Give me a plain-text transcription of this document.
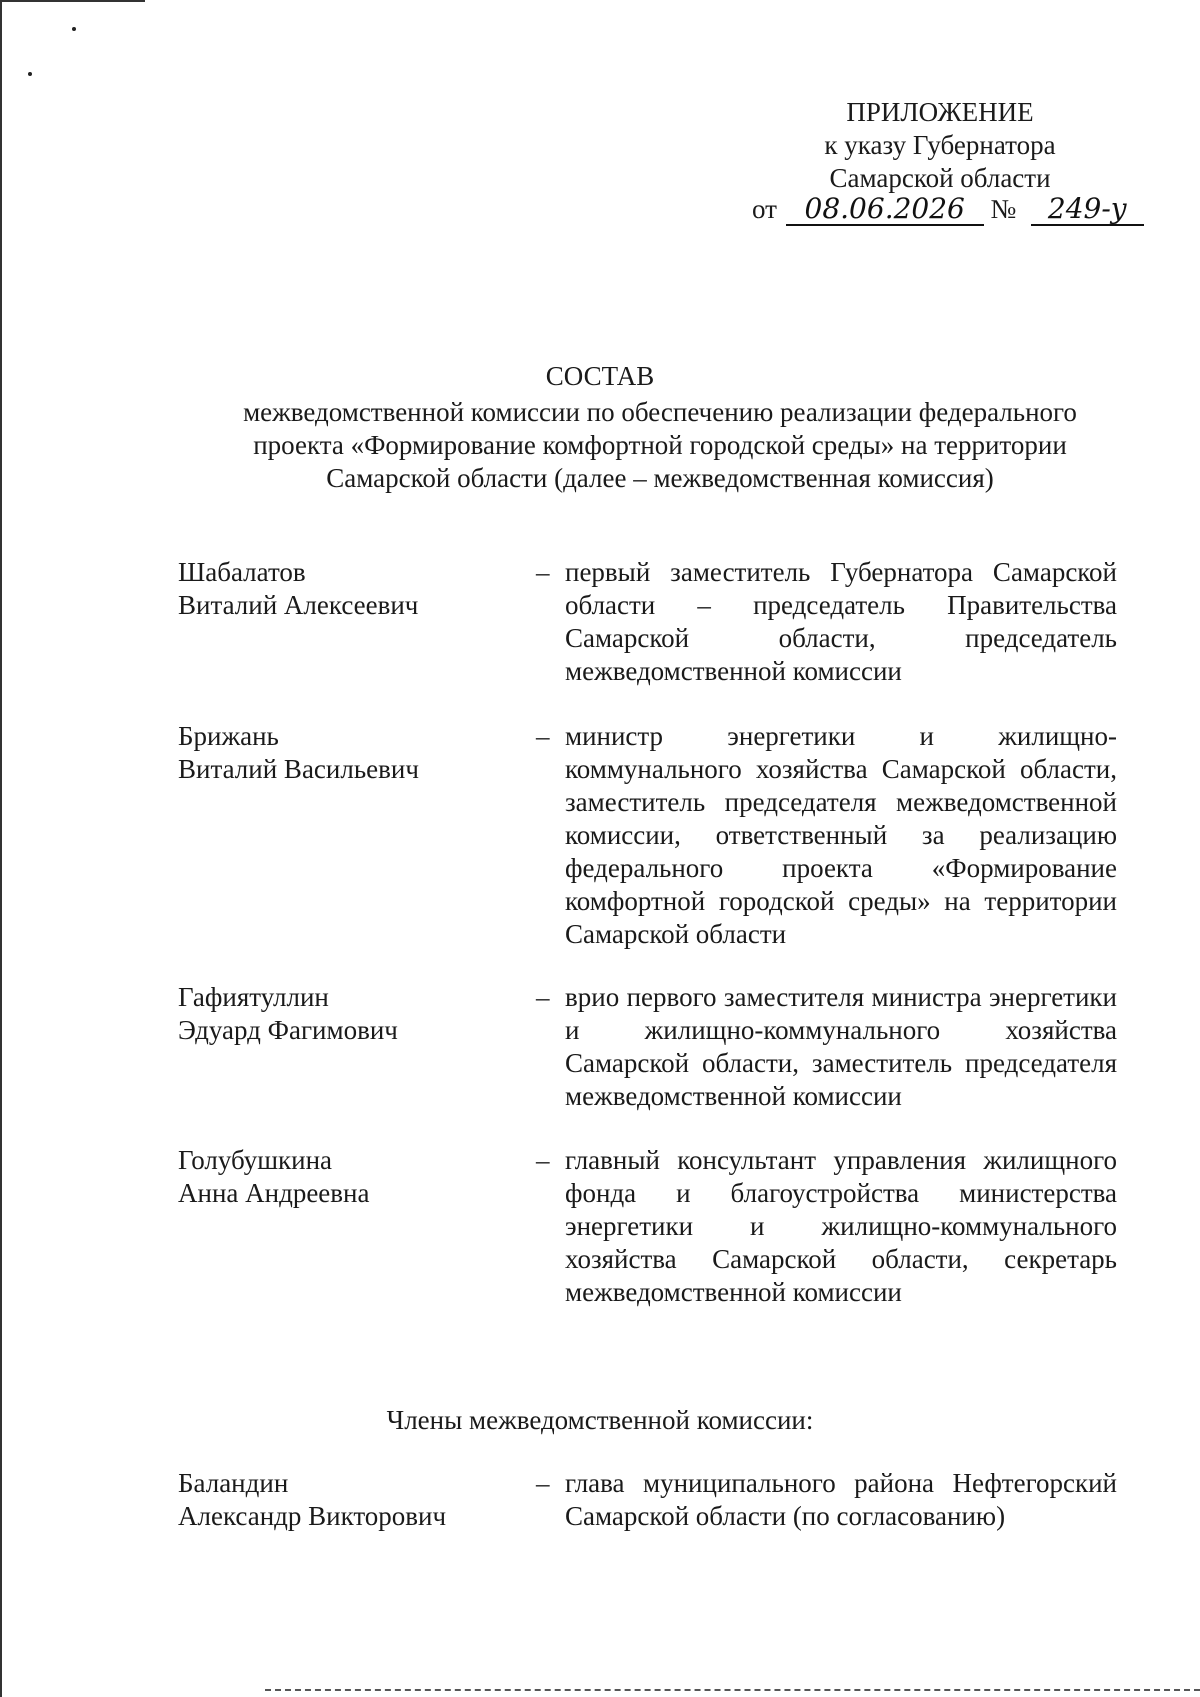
ПРИЛОЖЕНИЕ
к указу Губернатора
Самарской области
от 08.06.2026 № 249-у
СОСТАВ
межведомственной комиссии по обеспечению реализации федерального проекта «Формирование комфортной городской среды» на территории Самарской области (далее – межведомственная комиссия)
Шабалатов
Виталий Алексеевич
– первый заместитель Губернатора Самарской области – председатель Правительства Самарской области, председатель межведомственной комиссии
Брижань
Виталий Васильевич
– министр энергетики и жилищно-коммунального хозяйства Самарской области, заместитель председателя межведомственной комиссии, ответственный за реализацию федерального проекта «Формирование комфортной городской среды» на территории Самарской области
Гафиятуллин
Эдуард Фагимович
– врио первого заместителя министра энергетики и жилищно-коммунального хозяйства Самарской области, заместитель председателя межведомственной комиссии
Голубушкина
Анна Андреевна
– главный консультант управления жилищного фонда и благоустройства министерства энергетики и жилищно-коммунального хозяйства Самарской области, секретарь межведомственной комиссии
Члены межведомственной комиссии:
Баландин
Александр Викторович
– глава муниципального района Нефтегорский Самарской области (по согласованию)
